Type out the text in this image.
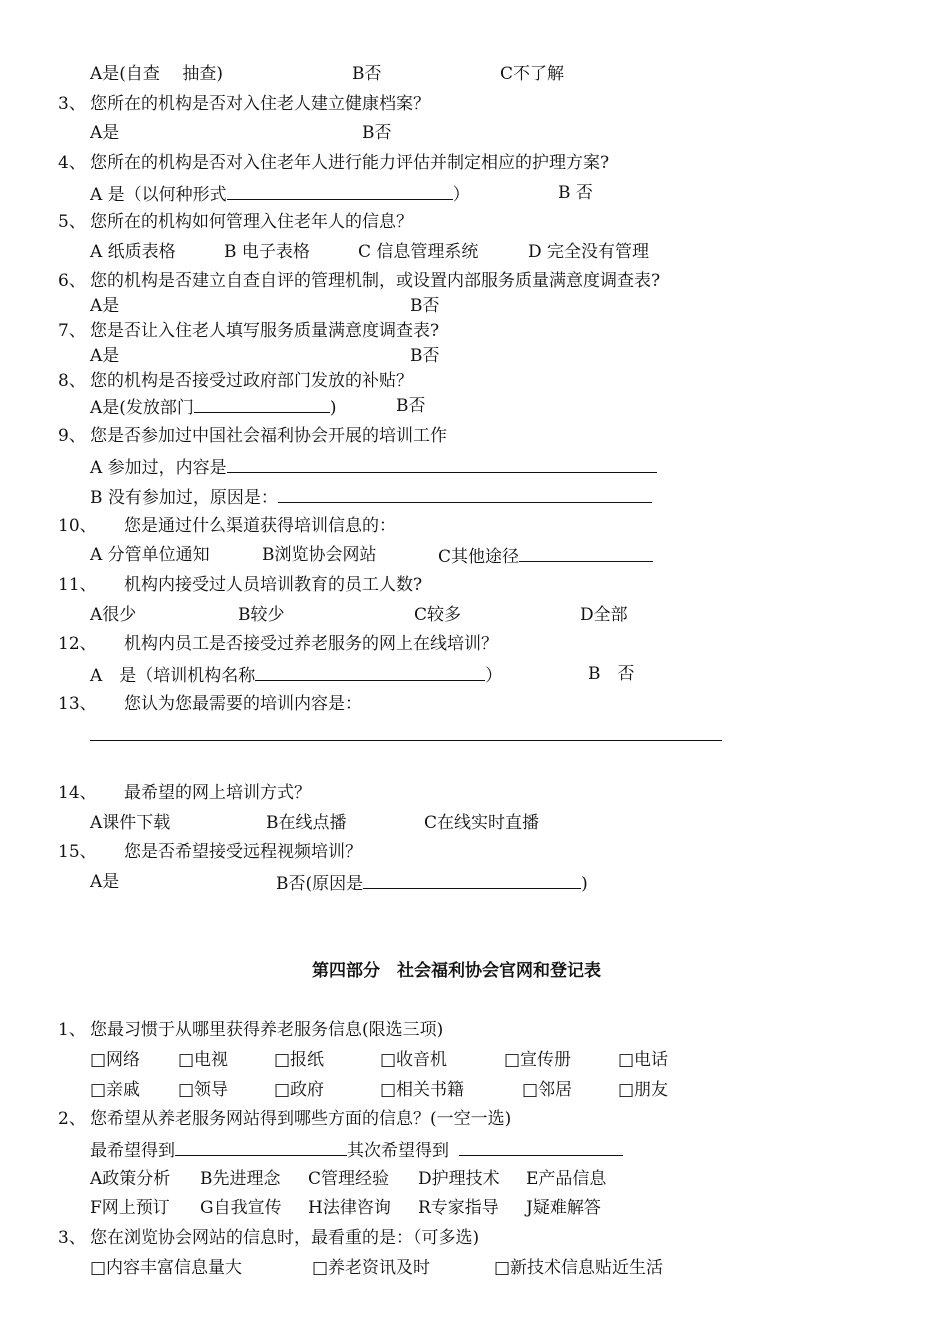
A是(自查　 抽查)	B否	C不了解
3、 您所在的机构是否对入住老人建立健康档案？
A是	B否
4、 您所在的机构是否对入住老年人进行能力评估并制定相应的护理方案?
A 是（以何种形式	）	B 否
5、 您所在的机构如何管理入住老年人的信息？
A 纸质表格	B 电子表格	C 信息管理系统	D 完全没有管理
6、 您的机构是否建立自查自评的管理机制，或设置内部服务质量满意度调查表?
A是	B否
7、 您是否让入住老人填写服务质量满意度调查表?
A是	B否
8、 您的机构是否接受过政府部门发放的补贴？
A是(发放部门	)	B否
9、 您是否参加过中国社会福利协会开展的培训工作
A 参加过，内容是
B 没有参加过，原因是：
10、 您是通过什么渠道获得培训信息的：
A 分管单位通知	B浏览协会网站	C其他途径
11、 机构内接受过人员培训教育的员工人数?
A很少	B较少	C较多	D全部
12、 机构内员工是否接受过养老服务的网上在线培训？
A　是（培训机构名称	）	B　否
13、 您认为您最需要的培训内容是：
14、 最希望的网上培训方式？
A课件下载	B在线点播	C在线实时直播
15、 您是否希望接受远程视频培训？
A是	B否(原因是	)
第四部分　社会福利协会官网和登记表
1、 您最习惯于从哪里获得养老服务信息(限选三项)
□网络 □电视	□报纸	□收音机	□宣传册	□电话
□亲戚 □领导	□政府	□相关书籍	□邻居	□朋友
2、 您希望从养老服务网站得到哪些方面的信息？(一空一选)
最希望得到	其次希望得到
A政策分析 B先进理念 C管理经验 D护理技术 E产品信息
F网上预订 G自我宣传 H法律咨询 R专家指导 J疑难解答
3、 您在浏览协会网站的信息时，最看重的是：（可多选)
□内容丰富信息量大	□养老资讯及时	□新技术信息贴近生活
